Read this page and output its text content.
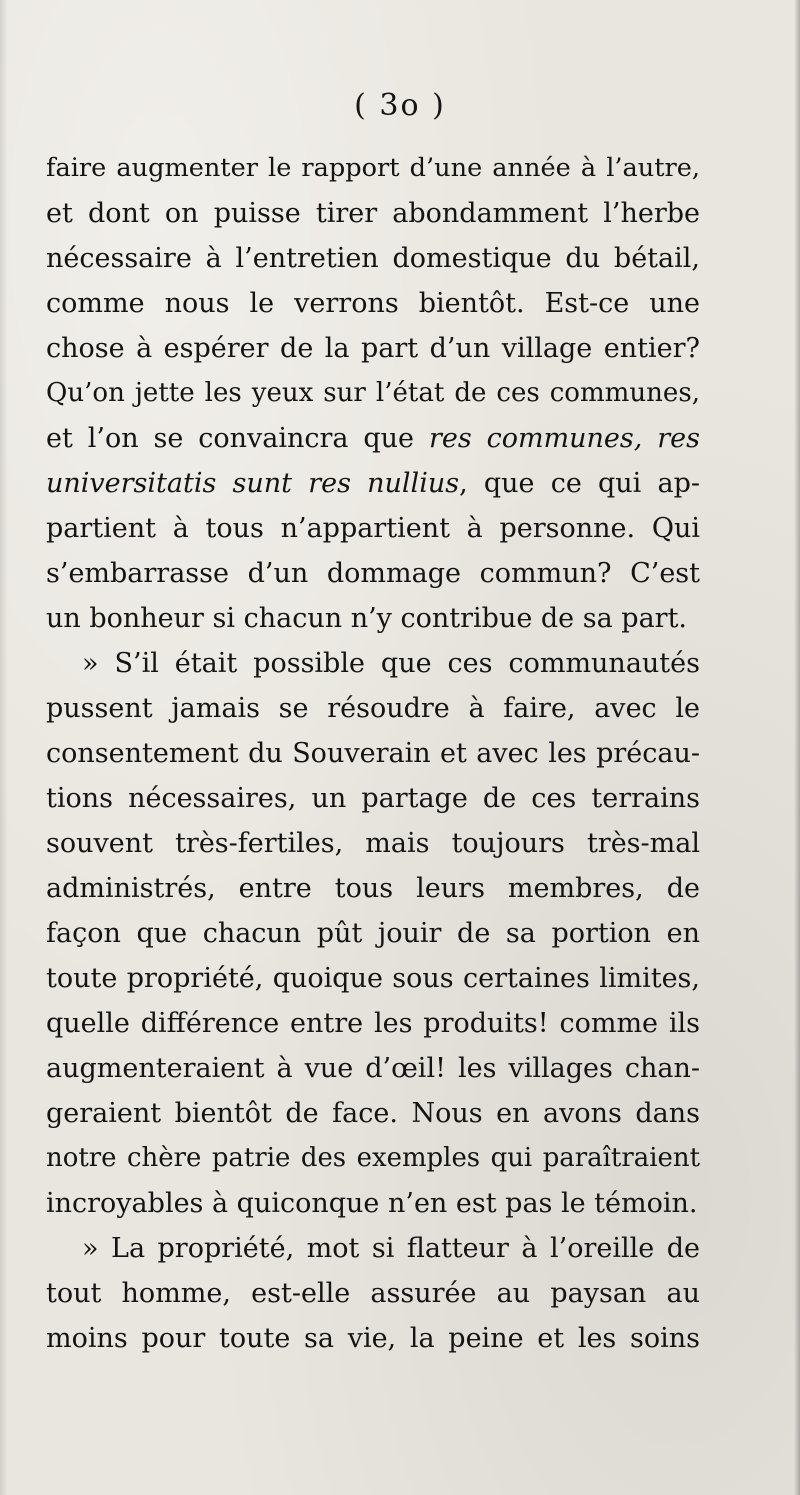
( 3o )
faire augmenter le rapport d’une année à l’autre,
et dont on puisse tirer abondamment l’herbe
nécessaire à l’entretien domestique du bétail,
comme nous le verrons bientôt. Est-ce une
chose à espérer de la part d’un village entier?
Qu’on jette les yeux sur l’état de ces communes,
et l’on se convaincra que res communes, res
universitatis sunt res nullius, que ce qui ap-
partient à tous n’appartient à personne. Qui
s’embarrasse d’un dommage commun? C’est
un bonheur si chacun n’y contribue de sa part.
» S’il était possible que ces communautés
pussent jamais se résoudre à faire, avec le
consentement du Souverain et avec les précau-
tions nécessaires, un partage de ces terrains
souvent très-fertiles, mais toujours très-mal
administrés, entre tous leurs membres, de
façon que chacun pût jouir de sa portion en
toute propriété, quoique sous certaines limites,
quelle différence entre les produits! comme ils
augmenteraient à vue d’œil! les villages chan-
geraient bientôt de face. Nous en avons dans
notre chère patrie des exemples qui paraîtraient
incroyables à quiconque n’en est pas le témoin.
» La propriété, mot si flatteur à l’oreille de
tout homme, est-elle assurée au paysan au
moins pour toute sa vie, la peine et les soins
